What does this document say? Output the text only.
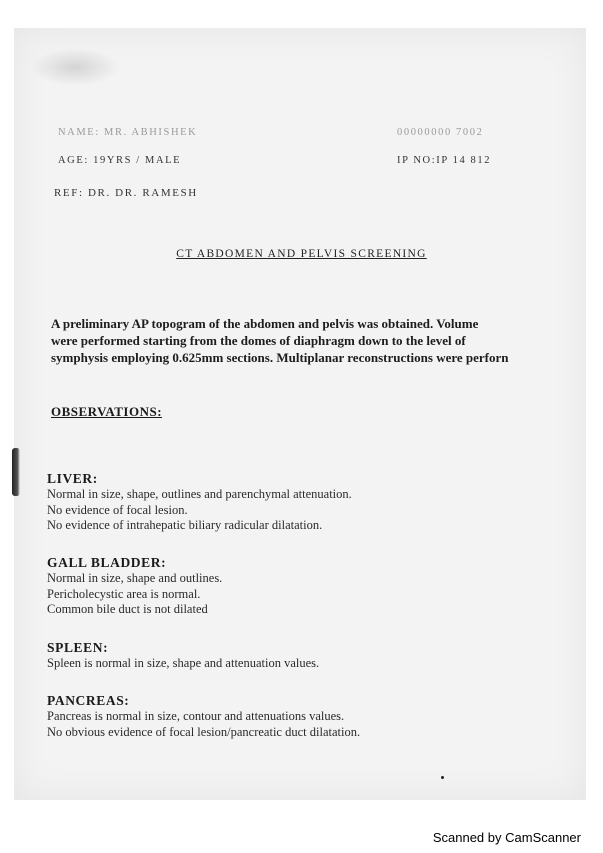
NAME: MR. ABHISHEK	00000000 7002
AGE: 19YRS / MALE	IP NO:IP 14 812
REF: DR. DR. RAMESH
CT ABDOMEN AND PELVIS SCREENING
A preliminary AP topogram of the abdomen and pelvis was obtained. Volume
were performed starting from the domes of diaphragm down to the level of
symphysis employing 0.625mm sections. Multiplanar reconstructions were perforn
OBSERVATIONS:
LIVER:

Normal in size, shape, outlines and parenchymal attenuation.

No evidence of focal lesion.

No evidence of intrahepatic biliary radicular dilatation.

GALL BLADDER:

Normal in size, shape and outlines.

Pericholecystic area is normal.

Common bile duct is not dilated

SPLEEN:

Spleen is normal in size, shape and attenuation values.

PANCREAS:

Pancreas is normal in size, contour and attenuations values.

No obvious evidence of focal lesion/pancreatic duct dilatation.

Scanned by CamScanner
